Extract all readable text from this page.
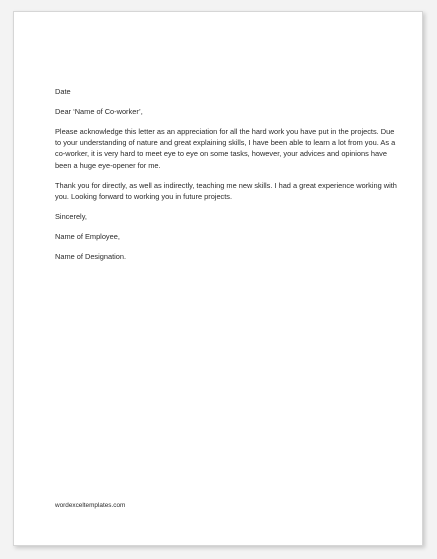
Date

Dear ‘Name of Co-worker’,

Please acknowledge this letter as an appreciation for all the hard work you have put in the projects. Due to your understanding of nature and great explaining skills, I have been able to learn a lot from you. As a co-worker, it is very hard to meet eye to eye on some tasks, however, your advices and opinions have been a huge eye-opener for me.

Thank you for directly, as well as indirectly, teaching me new skills. I had a great experience working with you. Looking forward to working you in future projects.

Sincerely,

Name of Employee,

Name of Designation.

wordexceltemplates.com
